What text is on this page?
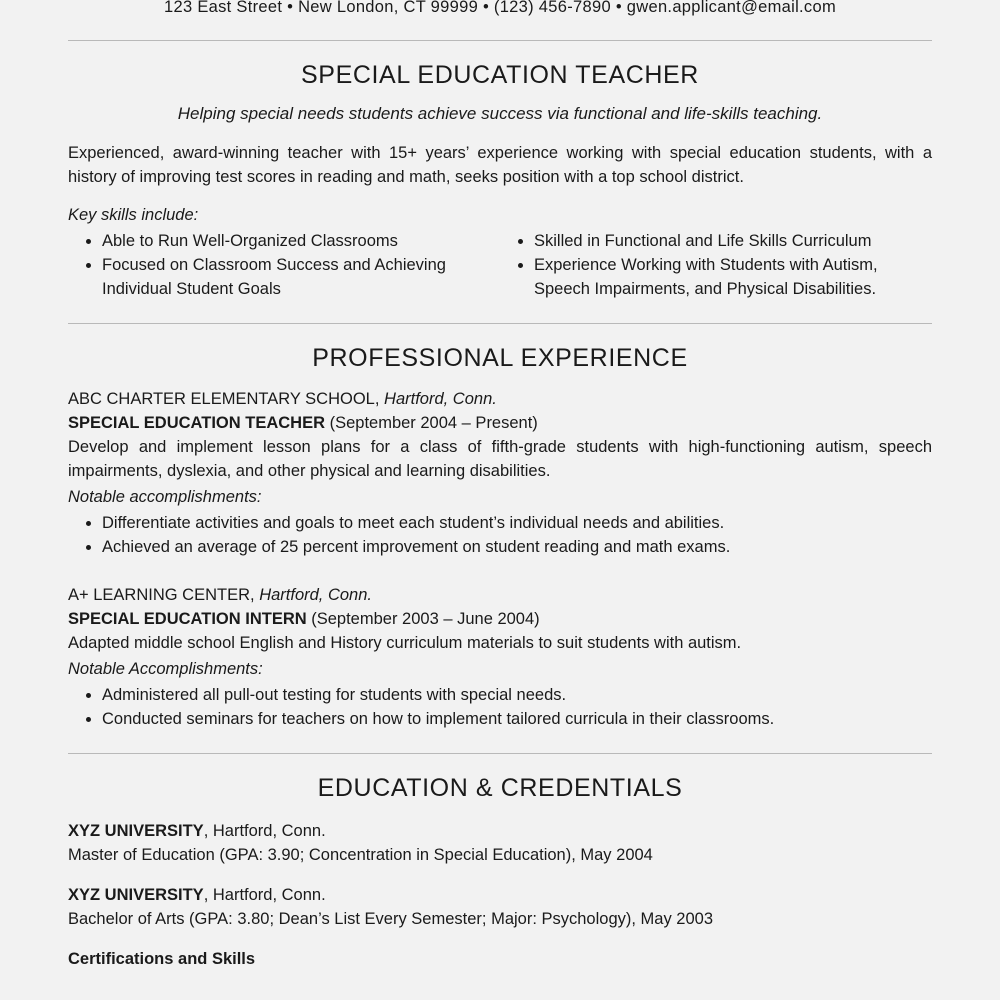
123 East Street • New London, CT 99999 • (123) 456-7890 • gwen.applicant@email.com
SPECIAL EDUCATION TEACHER
Helping special needs students achieve success via functional and life-skills teaching.
Experienced, award-winning teacher with 15+ years’ experience working with special education students, with a history of improving test scores in reading and math, seeks position with a top school district.
Key skills include:
• Able to Run Well-Organized Classrooms
• Focused on Classroom Success and Achieving Individual Student Goals
• Skilled in Functional and Life Skills Curriculum
• Experience Working with Students with Autism, Speech Impairments, and Physical Disabilities.
PROFESSIONAL EXPERIENCE
ABC CHARTER ELEMENTARY SCHOOL, Hartford, Conn.
SPECIAL EDUCATION TEACHER (September 2004 – Present)
Develop and implement lesson plans for a class of fifth-grade students with high-functioning autism, speech impairments, dyslexia, and other physical and learning disabilities.
Notable accomplishments:
• Differentiate activities and goals to meet each student’s individual needs and abilities.
• Achieved an average of 25 percent improvement on student reading and math exams.
A+ LEARNING CENTER, Hartford, Conn.
SPECIAL EDUCATION INTERN (September 2003 – June 2004)
Adapted middle school English and History curriculum materials to suit students with autism.
Notable Accomplishments:
• Administered all pull-out testing for students with special needs.
• Conducted seminars for teachers on how to implement tailored curricula in their classrooms.
EDUCATION & CREDENTIALS
XYZ UNIVERSITY, Hartford, Conn.
Master of Education (GPA: 3.90; Concentration in Special Education), May 2004
XYZ UNIVERSITY, Hartford, Conn.
Bachelor of Arts (GPA: 3.80; Dean’s List Every Semester; Major: Psychology), May 2003
Certifications and Skills
